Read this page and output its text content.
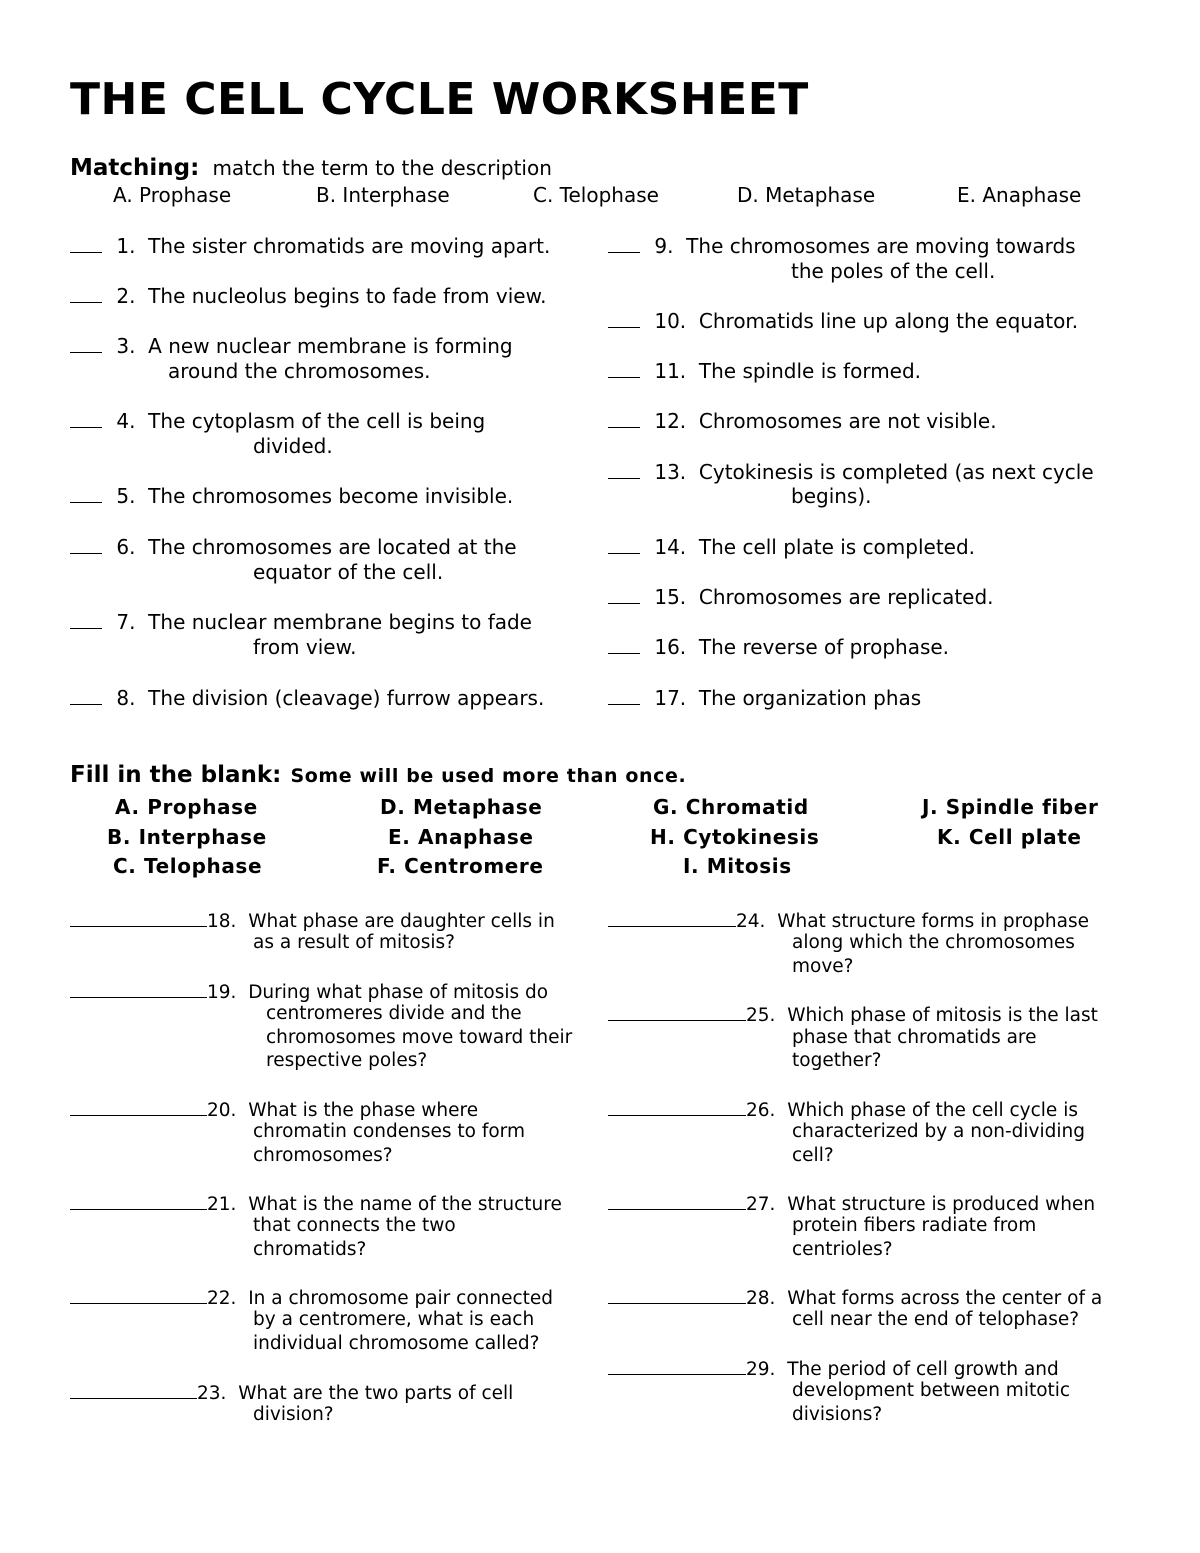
THE CELL CYCLE WORKSHEET
Matching: match the term to the description
A. Prophase	B. Interphase	C. Telophase	D. Metaphase	E. Anaphase
1. The sister chromatids are moving apart.
2. The nucleolus begins to fade from view.
3. A new nuclear membrane is forming
around the chromosomes.
4. The cytoplasm of the cell is being
divided.
5. The chromosomes become invisible.
6. The chromosomes are located at the
equator of the cell.
7. The nuclear membrane begins to fade
from view.
8. The division (cleavage) furrow appears.
9. The chromosomes are moving towards
the poles of the cell.
10. Chromatids line up along the equator.
11. The spindle is formed.
12. Chromosomes are not visible.
13. Cytokinesis is completed (as next cycle
begins).
14. The cell plate is completed.
15. Chromosomes are replicated.
16. The reverse of prophase.
17. The organization phas
Fill in the blank: Some will be used more than once.
A. Prophase
B. Interphase
C. Telophase
D. Metaphase
E. Anaphase
F. Centromere
G. Chromatid
H. Cytokinesis
I. Mitosis
J. Spindle fiber
K. Cell plate
18. What phase are daughter cells in
as a result of mitosis?
19. During what phase of mitosis do
centromeres divide and the
chromosomes move toward their
respective poles?
20. What is the phase where
chromatin condenses to form
chromosomes?
21. What is the name of the structure
that connects the two
chromatids?
22. In a chromosome pair connected
by a centromere, what is each
individual chromosome called?
23. What are the two parts of cell
division?
24. What structure forms in prophase
along which the chromosomes
move?
25. Which phase of mitosis is the last
phase that chromatids are
together?
26. Which phase of the cell cycle is
characterized by a non-dividing
cell?
27. What structure is produced when
protein fibers radiate from
centrioles?
28. What forms across the center of a
cell near the end of telophase?
29. The period of cell growth and
development between mitotic
divisions?
